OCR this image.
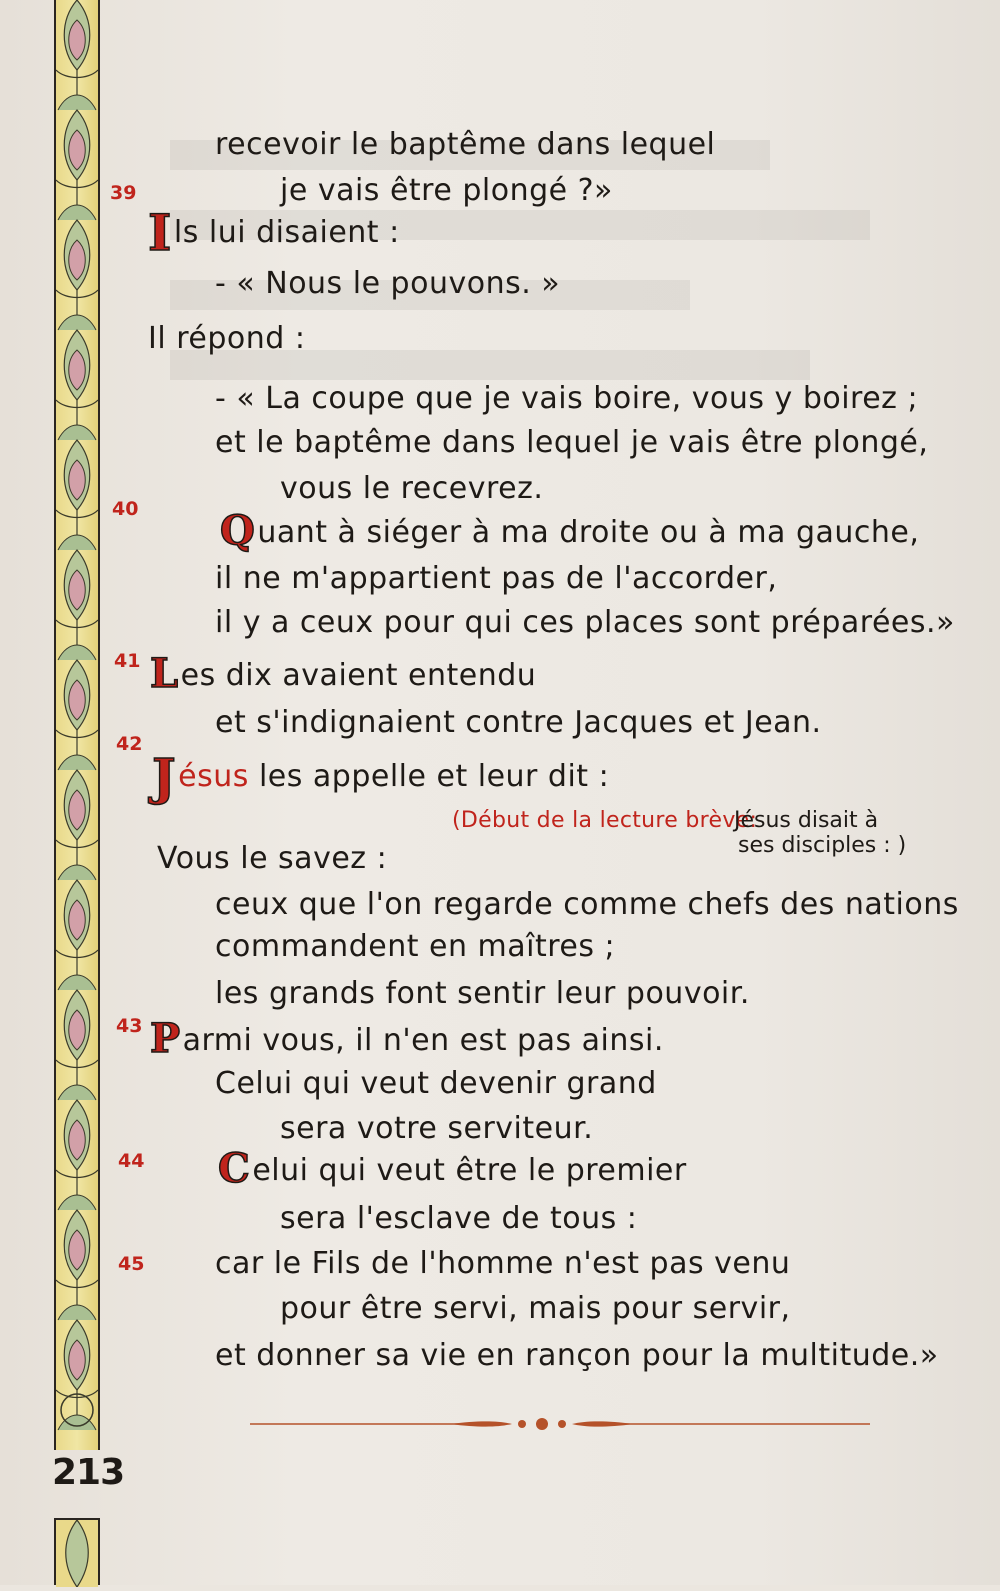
213
39
40
41
42
43
44
45
recevoir le baptême dans lequel
je vais être plongé ?»
Ils lui disaient :
- « Nous le pouvons. »
Il répond :
- « La coupe que je vais boire, vous y boirez ;
et le baptême dans lequel je vais être plongé,
vous le recevrez.
Quant à siéger à ma droite ou à ma gauche,
il ne m'appartient pas de l'accorder,
il y a ceux pour qui ces places sont préparées.»
Les dix avaient entendu
et s'indignaient contre Jacques et Jean.
Jésus les appelle et leur dit :
(Début de la lecture brève:
Jésus disait à
ses disciples : )
Vous le savez :
ceux que l'on regarde comme chefs des nations
commandent en maîtres ;
les grands font sentir leur pouvoir.
Parmi vous, il n'en est pas ainsi.
Celui qui veut devenir grand
sera votre serviteur.
Celui qui veut être le premier
sera l'esclave de tous :
car le Fils de l'homme n'est pas venu
pour être servi, mais pour servir,
et donner sa vie en rançon pour la multitude.»
